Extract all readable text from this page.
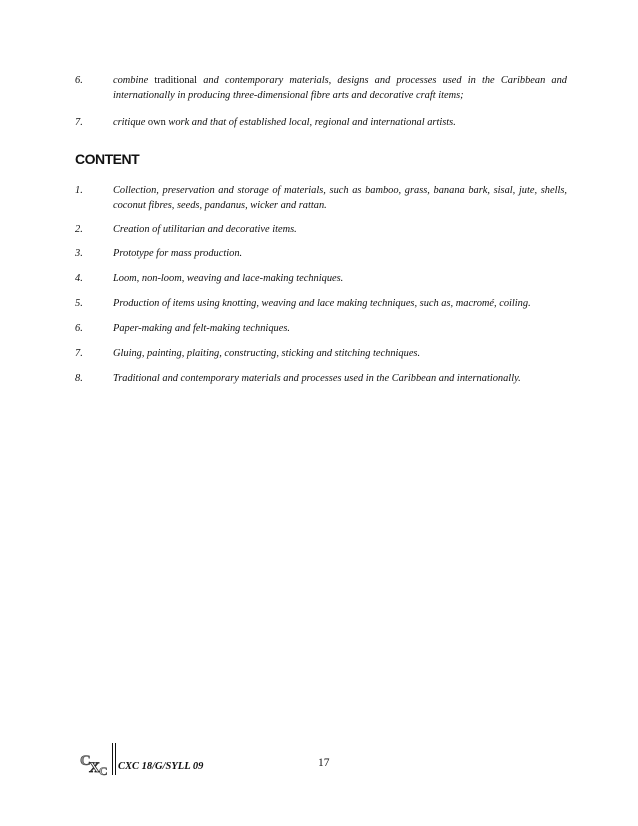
6.	combine traditional and contemporary materials, designs and processes used in the Caribbean and internationally in producing three-dimensional fibre arts and decorative craft items;
7.	critique own work and that of established local, regional and international artists.
CONTENT
1.	Collection, preservation and storage of materials, such as bamboo, grass, banana bark, sisal, jute, shells, coconut fibres, seeds, pandanus, wicker and rattan.
2.	Creation of utilitarian and decorative items.
3.	Prototype for mass production.
4.	Loom, non-loom, weaving and lace-making techniques.
5.	Production of items using knotting, weaving and lace making techniques, such as, macromé, coiling.
6.	Paper-making and felt-making techniques.
7.	Gluing, painting, plaiting, constructing, sticking and stitching techniques.
8.	Traditional and contemporary materials and processes used in the Caribbean and internationally.
C
X C CXC 18/G/SYLL 09	17
